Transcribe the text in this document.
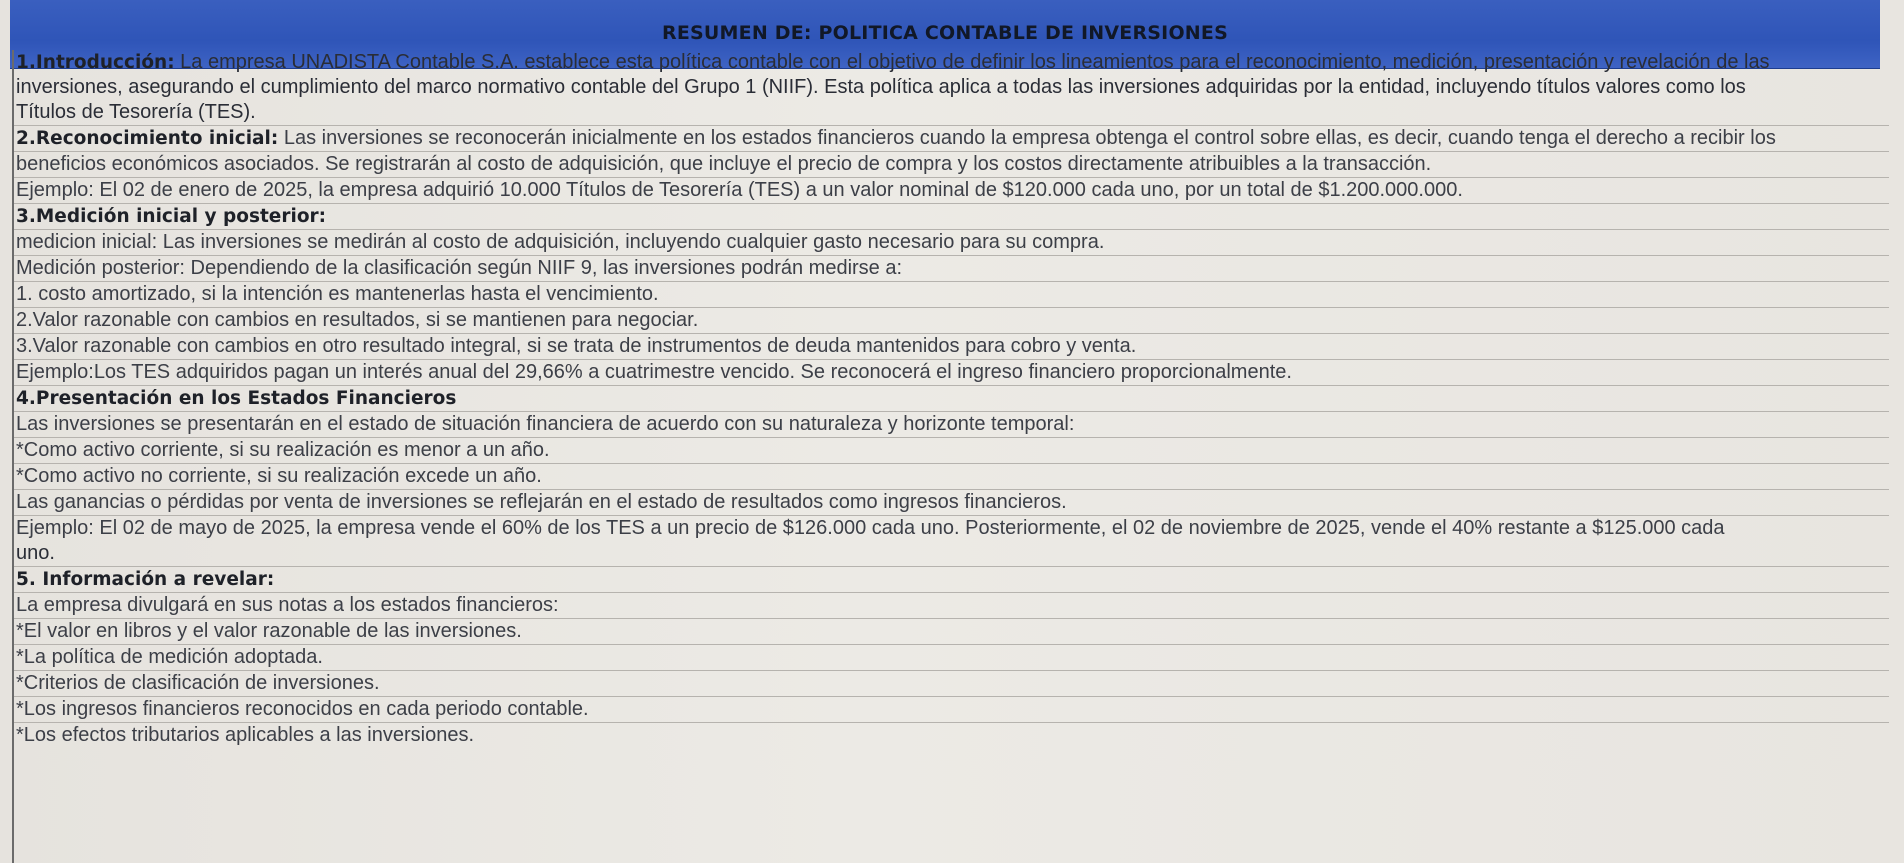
RESUMEN DE: POLITICA CONTABLE DE INVERSIONES
1.Introducción: La empresa UNADISTA Contable S.A. establece esta política contable con el objetivo de definir los lineamientos para el reconocimiento, medición, presentación y revelación de las
inversiones, asegurando el cumplimiento del marco normativo contable del Grupo 1 (NIIF). Esta política aplica a todas las inversiones adquiridas por la entidad, incluyendo títulos valores como los
Títulos de Tesorería (TES).
2.Reconocimiento inicial: Las inversiones se reconocerán inicialmente en los estados financieros cuando la empresa obtenga el control sobre ellas, es decir, cuando tenga el derecho a recibir los
beneficios económicos asociados. Se registrarán al costo de adquisición, que incluye el precio de compra y los costos directamente atribuibles a la transacción.
Ejemplo: El 02 de enero de 2025, la empresa adquirió 10.000 Títulos de Tesorería (TES) a un valor nominal de $120.000 cada uno, por un total de $1.200.000.000.
3.Medición inicial y posterior:
medicion inicial: Las inversiones se medirán al costo de adquisición, incluyendo cualquier gasto necesario para su compra.
Medición posterior: Dependiendo de la clasificación según NIIF 9, las inversiones podrán medirse a:
1. costo amortizado, si la intención es mantenerlas hasta el vencimiento.
2.Valor razonable con cambios en resultados, si se mantienen para negociar.
3.Valor razonable con cambios en otro resultado integral, si se trata de instrumentos de deuda mantenidos para cobro y venta.
Ejemplo:Los TES adquiridos pagan un interés anual del 29,66% a cuatrimestre vencido. Se reconocerá el ingreso financiero proporcionalmente.
4.Presentación en los Estados Financieros
Las inversiones se presentarán en el estado de situación financiera de acuerdo con su naturaleza y horizonte temporal:
*Como activo corriente, si su realización es menor a un año.
*Como activo no corriente, si su realización excede un año.
Las ganancias o pérdidas por venta de inversiones se reflejarán en el estado de resultados como ingresos financieros.
Ejemplo: El 02 de mayo de 2025, la empresa vende el 60% de los TES a un precio de $126.000 cada uno. Posteriormente, el 02 de noviembre de 2025, vende el 40% restante a $125.000 cada
uno.
5. Información a revelar:
La empresa divulgará en sus notas a los estados financieros:
*El valor en libros y el valor razonable de las inversiones.
*La política de medición adoptada.
*Criterios de clasificación de inversiones.
*Los ingresos financieros reconocidos en cada periodo contable.
*Los efectos tributarios aplicables a las inversiones.
